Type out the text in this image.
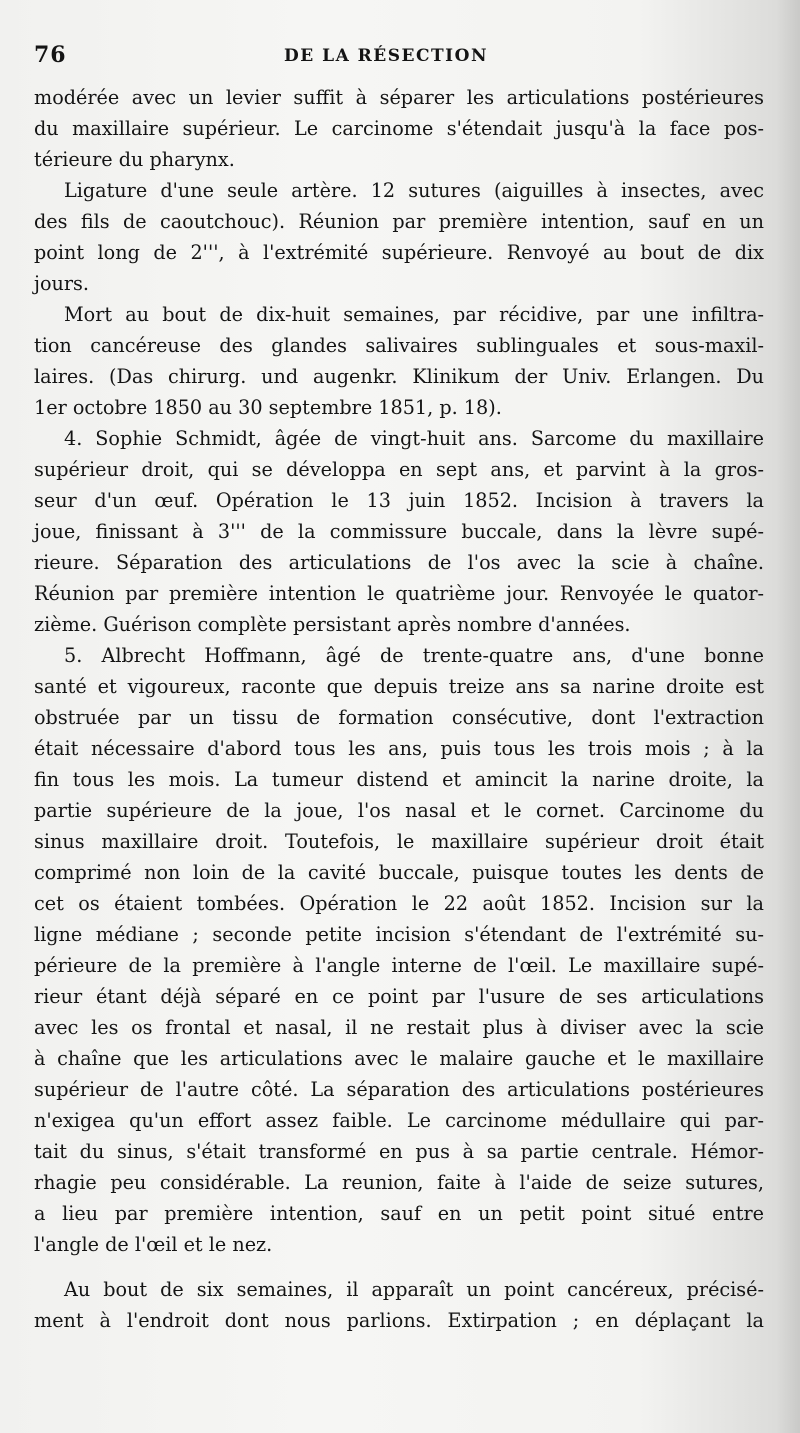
76	DE LA RÉSECTION
modérée avec un levier suffit à séparer les articulations postérieures
du maxillaire supérieur. Le carcinome s'étendait jusqu'à la face pos-
térieure du pharynx.
Ligature d'une seule artère. 12 sutures (aiguilles à insectes, avec
des fils de caoutchouc). Réunion par première intention, sauf en un
point long de 2''', à l'extrémité supérieure. Renvoyé au bout de dix
jours.
Mort au bout de dix-huit semaines, par récidive, par une infiltra-
tion cancéreuse des glandes salivaires sublinguales et sous-maxil-
laires. (Das chirurg. und augenkr. Klinikum der Univ. Erlangen. Du
1er octobre 1850 au 30 septembre 1851, p. 18).
4. Sophie Schmidt, âgée de vingt-huit ans. Sarcome du maxillaire
supérieur droit, qui se développa en sept ans, et parvint à la gros-
seur d'un œuf. Opération le 13 juin 1852. Incision à travers la
joue, finissant à 3''' de la commissure buccale, dans la lèvre supé-
rieure. Séparation des articulations de l'os avec la scie à chaîne.
Réunion par première intention le quatrième jour. Renvoyée le quator-
zième. Guérison complète persistant après nombre d'années.
5. Albrecht Hoffmann, âgé de trente-quatre ans, d'une bonne
santé et vigoureux, raconte que depuis treize ans sa narine droite est
obstruée par un tissu de formation consécutive, dont l'extraction
était nécessaire d'abord tous les ans, puis tous les trois mois ; à la
fin tous les mois. La tumeur distend et amincit la narine droite, la
partie supérieure de la joue, l'os nasal et le cornet. Carcinome du
sinus maxillaire droit. Toutefois, le maxillaire supérieur droit était
comprimé non loin de la cavité buccale, puisque toutes les dents de
cet os étaient tombées. Opération le 22 août 1852. Incision sur la
ligne médiane ; seconde petite incision s'étendant de l'extrémité su-
périeure de la première à l'angle interne de l'œil. Le maxillaire supé-
rieur étant déjà séparé en ce point par l'usure de ses articulations
avec les os frontal et nasal, il ne restait plus à diviser avec la scie
à chaîne que les articulations avec le malaire gauche et le maxillaire
supérieur de l'autre côté. La séparation des articulations postérieures
n'exigea qu'un effort assez faible. Le carcinome médullaire qui par-
tait du sinus, s'était transformé en pus à sa partie centrale. Hémor-
rhagie peu considérable. La reunion, faite à l'aide de seize sutures,
a lieu par première intention, sauf en un petit point situé entre
l'angle de l'œil et le nez.
Au bout de six semaines, il apparaît un point cancéreux, précisé-
ment à l'endroit dont nous parlions. Extirpation ; en déplaçant la
